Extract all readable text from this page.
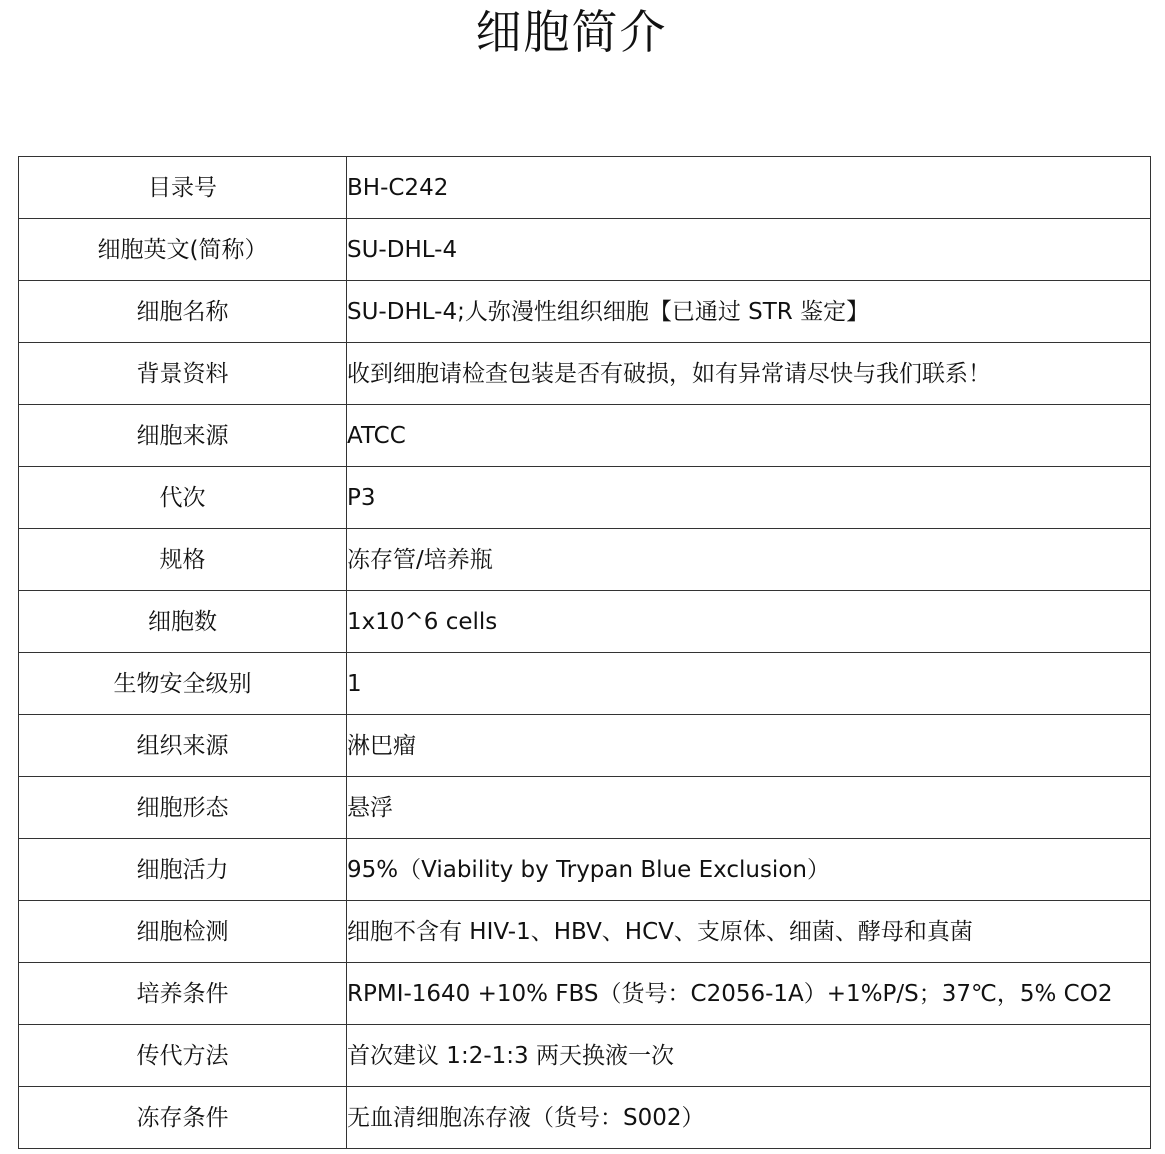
细胞简介
目录号	BH-C242
细胞英文(简称）	SU-DHL-4
细胞名称	SU-DHL-4;人弥漫性组织细胞【已通过 STR 鉴定】
背景资料	收到细胞请检查包装是否有破损，如有异常请尽快与我们联系！
细胞来源	ATCC
代次	P3
规格	冻存管/培养瓶
细胞数	1x10^6 cells
生物安全级别	1
组织来源	淋巴瘤
细胞形态	悬浮
细胞活力	95%（Viability by Trypan Blue Exclusion）
细胞检测	细胞不含有 HIV-1、HBV、HCV、支原体、细菌、酵母和真菌
培养条件	RPMI-1640 +10% FBS（货号：C2056-1A）+1%P/S；37℃，5% CO2
传代方法	首次建议 1:2-1:3 两天换液一次
冻存条件	无血清细胞冻存液（货号：S002）
